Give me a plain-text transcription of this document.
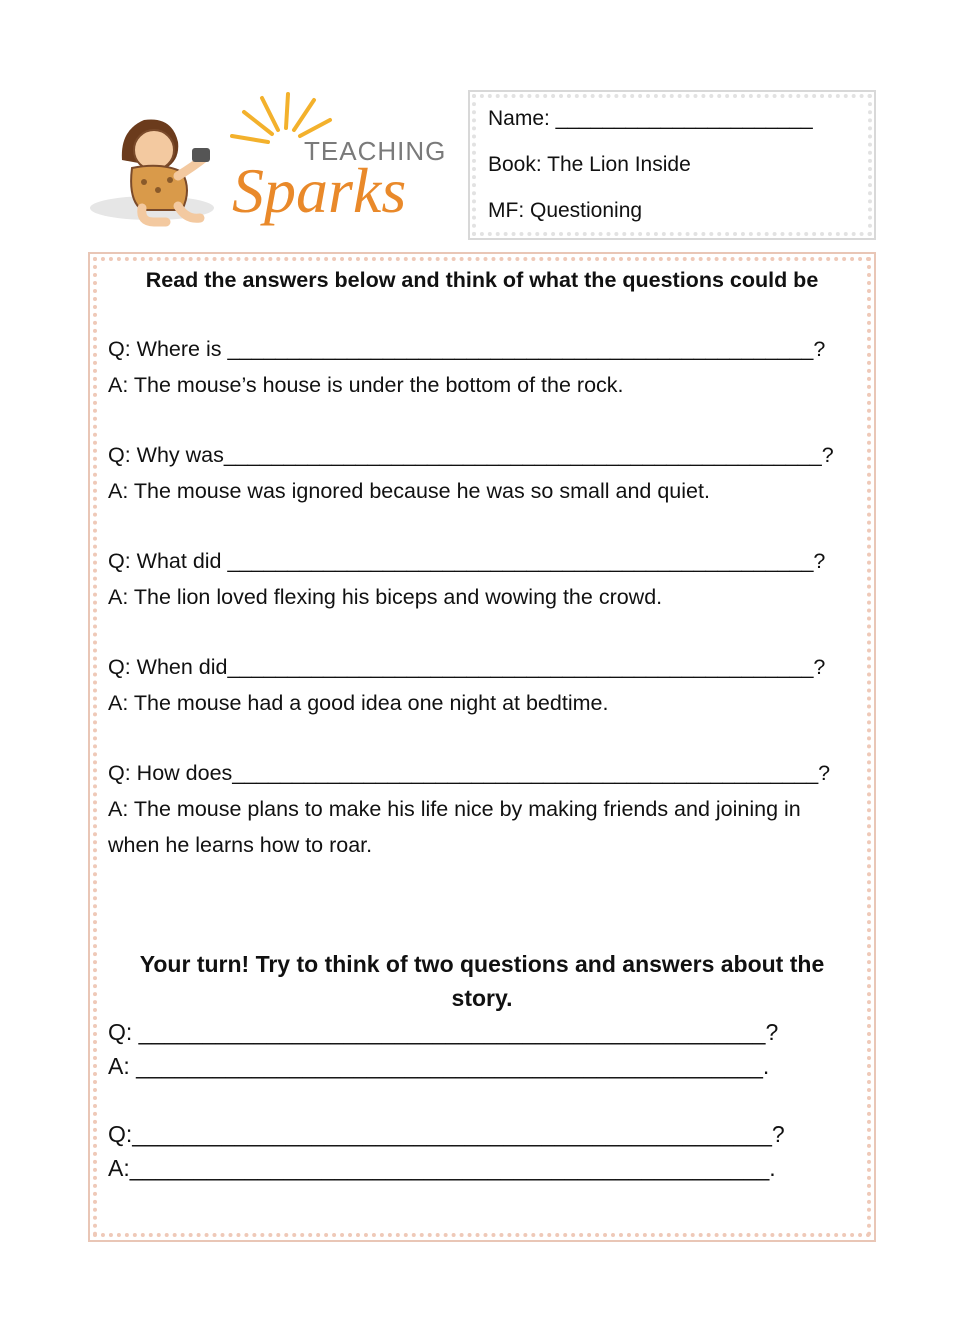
TEACHING
Sparks
Name: ______________________
Book: The Lion Inside
MF: Questioning
Read the answers below and think of what the questions could be
Q: Where is _________________________________________________?
A: The mouse’s house is under the bottom of the rock.
Q: Why was__________________________________________________?
A: The mouse was ignored because he was so small and quiet.
Q: What did _________________________________________________?
A: The lion loved flexing his biceps and wowing the crowd.
Q: When did_________________________________________________?
A: The mouse had a good idea one night at bedtime.
Q: How does_________________________________________________?
A: The mouse plans to make his life nice by making friends and joining in when he learns how to roar.
Your turn! Try to think of two questions and answers about the story.
Q: _________________________________________________?
A: _________________________________________________.
Q:__________________________________________________?
A:__________________________________________________.
